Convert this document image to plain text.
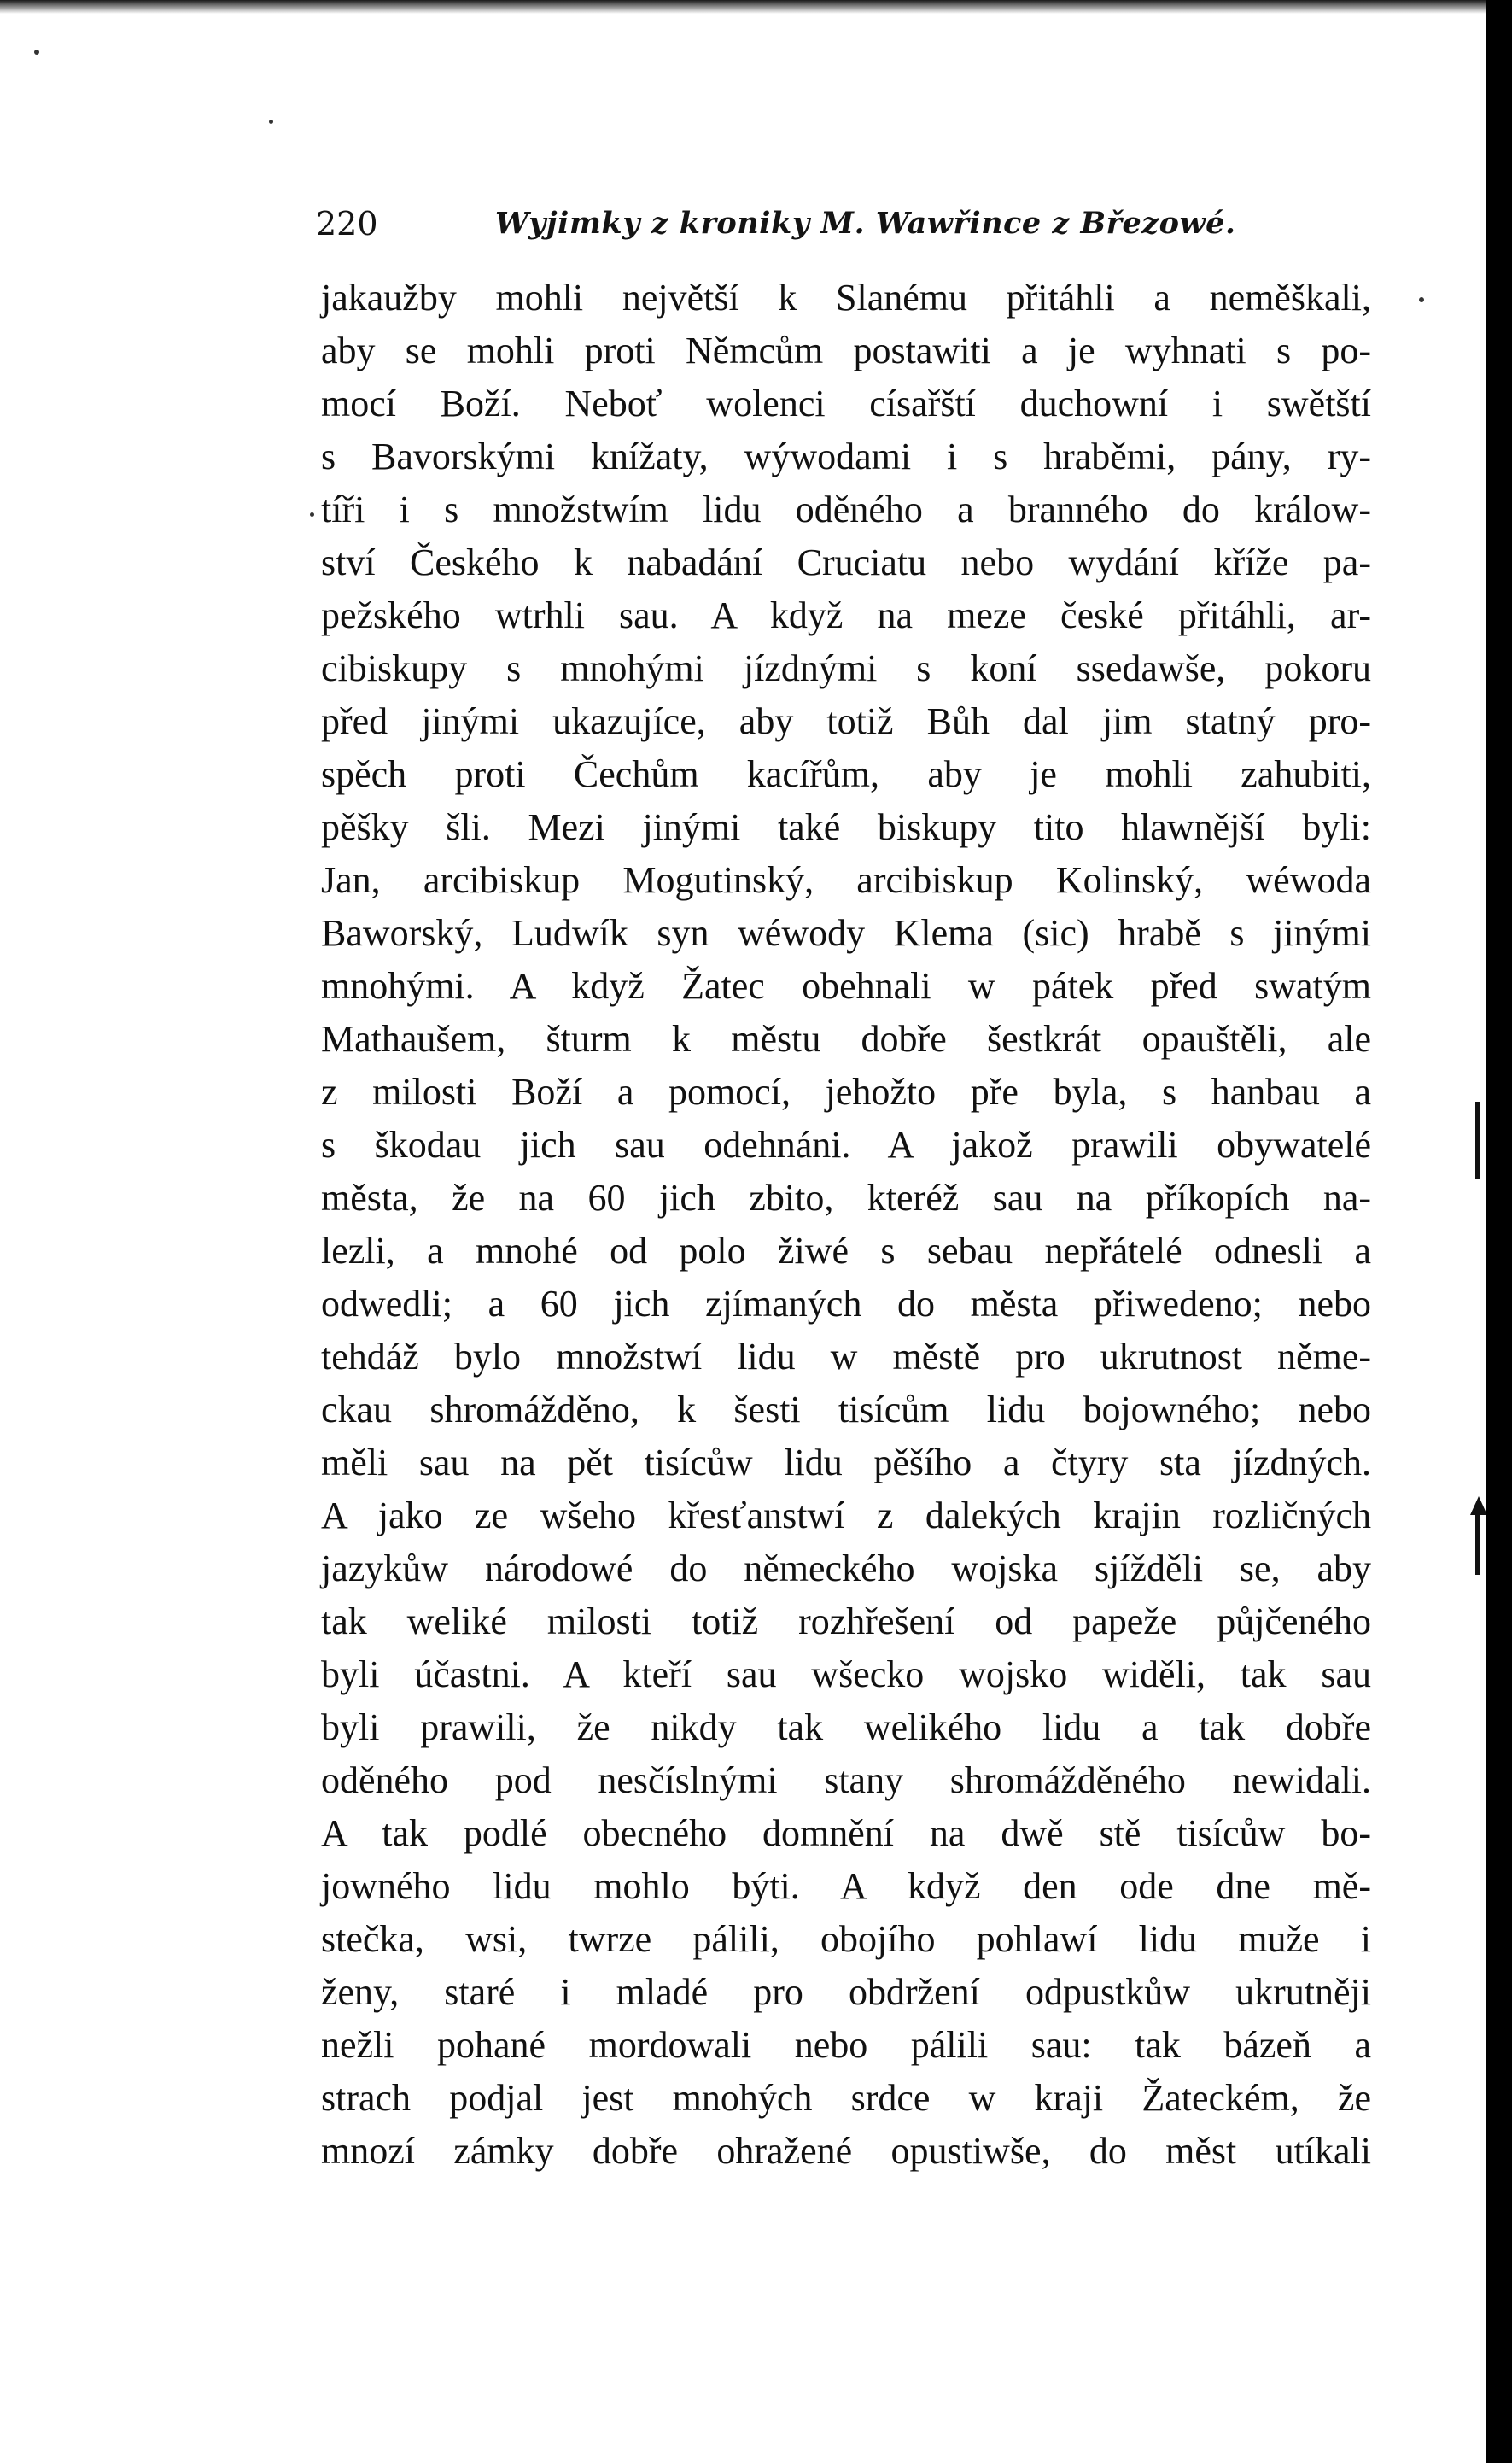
220	Wyjimky z kroniky M. Wawřince z Březowé.
jakaužby mohli největší k Slanému přitáhli a neměškali,
aby se mohli proti Němcům postawiti a je wyhnati s po-
mocí Boží. Neboť wolenci císařští duchowní i swětští
s Bavorskými knížaty, wýwodami i s hraběmi, pány, ry-
tíři i s množstwím lidu oděného a branného do králow-
ství Českého k nabadání Cruciatu nebo wydání kříže pa-
pežského wtrhli sau. A když na meze české přitáhli, ar-
cibiskupy s mnohými jízdnými s koní ssedawše, pokoru
před jinými ukazujíce, aby totiž Bůh dal jim statný pro-
spěch proti Čechům kacířům, aby je mohli zahubiti,
pěšky šli. Mezi jinými také biskupy tito hlawnější byli:
Jan, arcibiskup Mogutinský, arcibiskup Kolinský, wéwoda
Baworský, Ludwík syn wéwody Klema (sic) hrabě s jinými
mnohými. A když Žatec obehnali w pátek před swatým
Mathaušem, šturm k městu dobře šestkrát opauštěli, ale
z milosti Boží a pomocí, jehožto pře byla, s hanbau a
s škodau jich sau odehnáni. A jakož prawili obywatelé
města, že na 60 jich zbito, kteréž sau na příkopích na-
lezli, a mnohé od polo žiwé s sebau nepřátelé odnesli a
odwedli; a 60 jich zjímaných do města přiwedeno; nebo
tehdáž bylo množstwí lidu w městě pro ukrutnost něme-
ckau shromážděno, k šesti tisícům lidu bojowného; nebo
měli sau na pět tisícůw lidu pěšího a čtyry sta jízdných.
A jako ze wšeho křesťanstwí z dalekých krajin rozličných
jazykůw národowé do německého wojska sjížděli se, aby
tak weliké milosti totiž rozhřešení od papeže půjčeného
byli účastni. A kteří sau wšecko wojsko widěli, tak sau
byli prawili, že nikdy tak welikého lidu a tak dobře
oděného pod nesčíslnými stany shromážděného newidali.
A tak podlé obecného domnění na dwě stě tisícůw bo-
jowného lidu mohlo býti. A když den ode dne mě-
stečka, wsi, twrze pálili, obojího pohlawí lidu muže i
ženy, staré i mladé pro obdržení odpustkůw ukrutněji
nežli pohané mordowali nebo pálili sau: tak bázeň a
strach podjal jest mnohých srdce w kraji Žateckém, že
mnozí zámky dobře ohražené opustiwše, do měst utíkali
